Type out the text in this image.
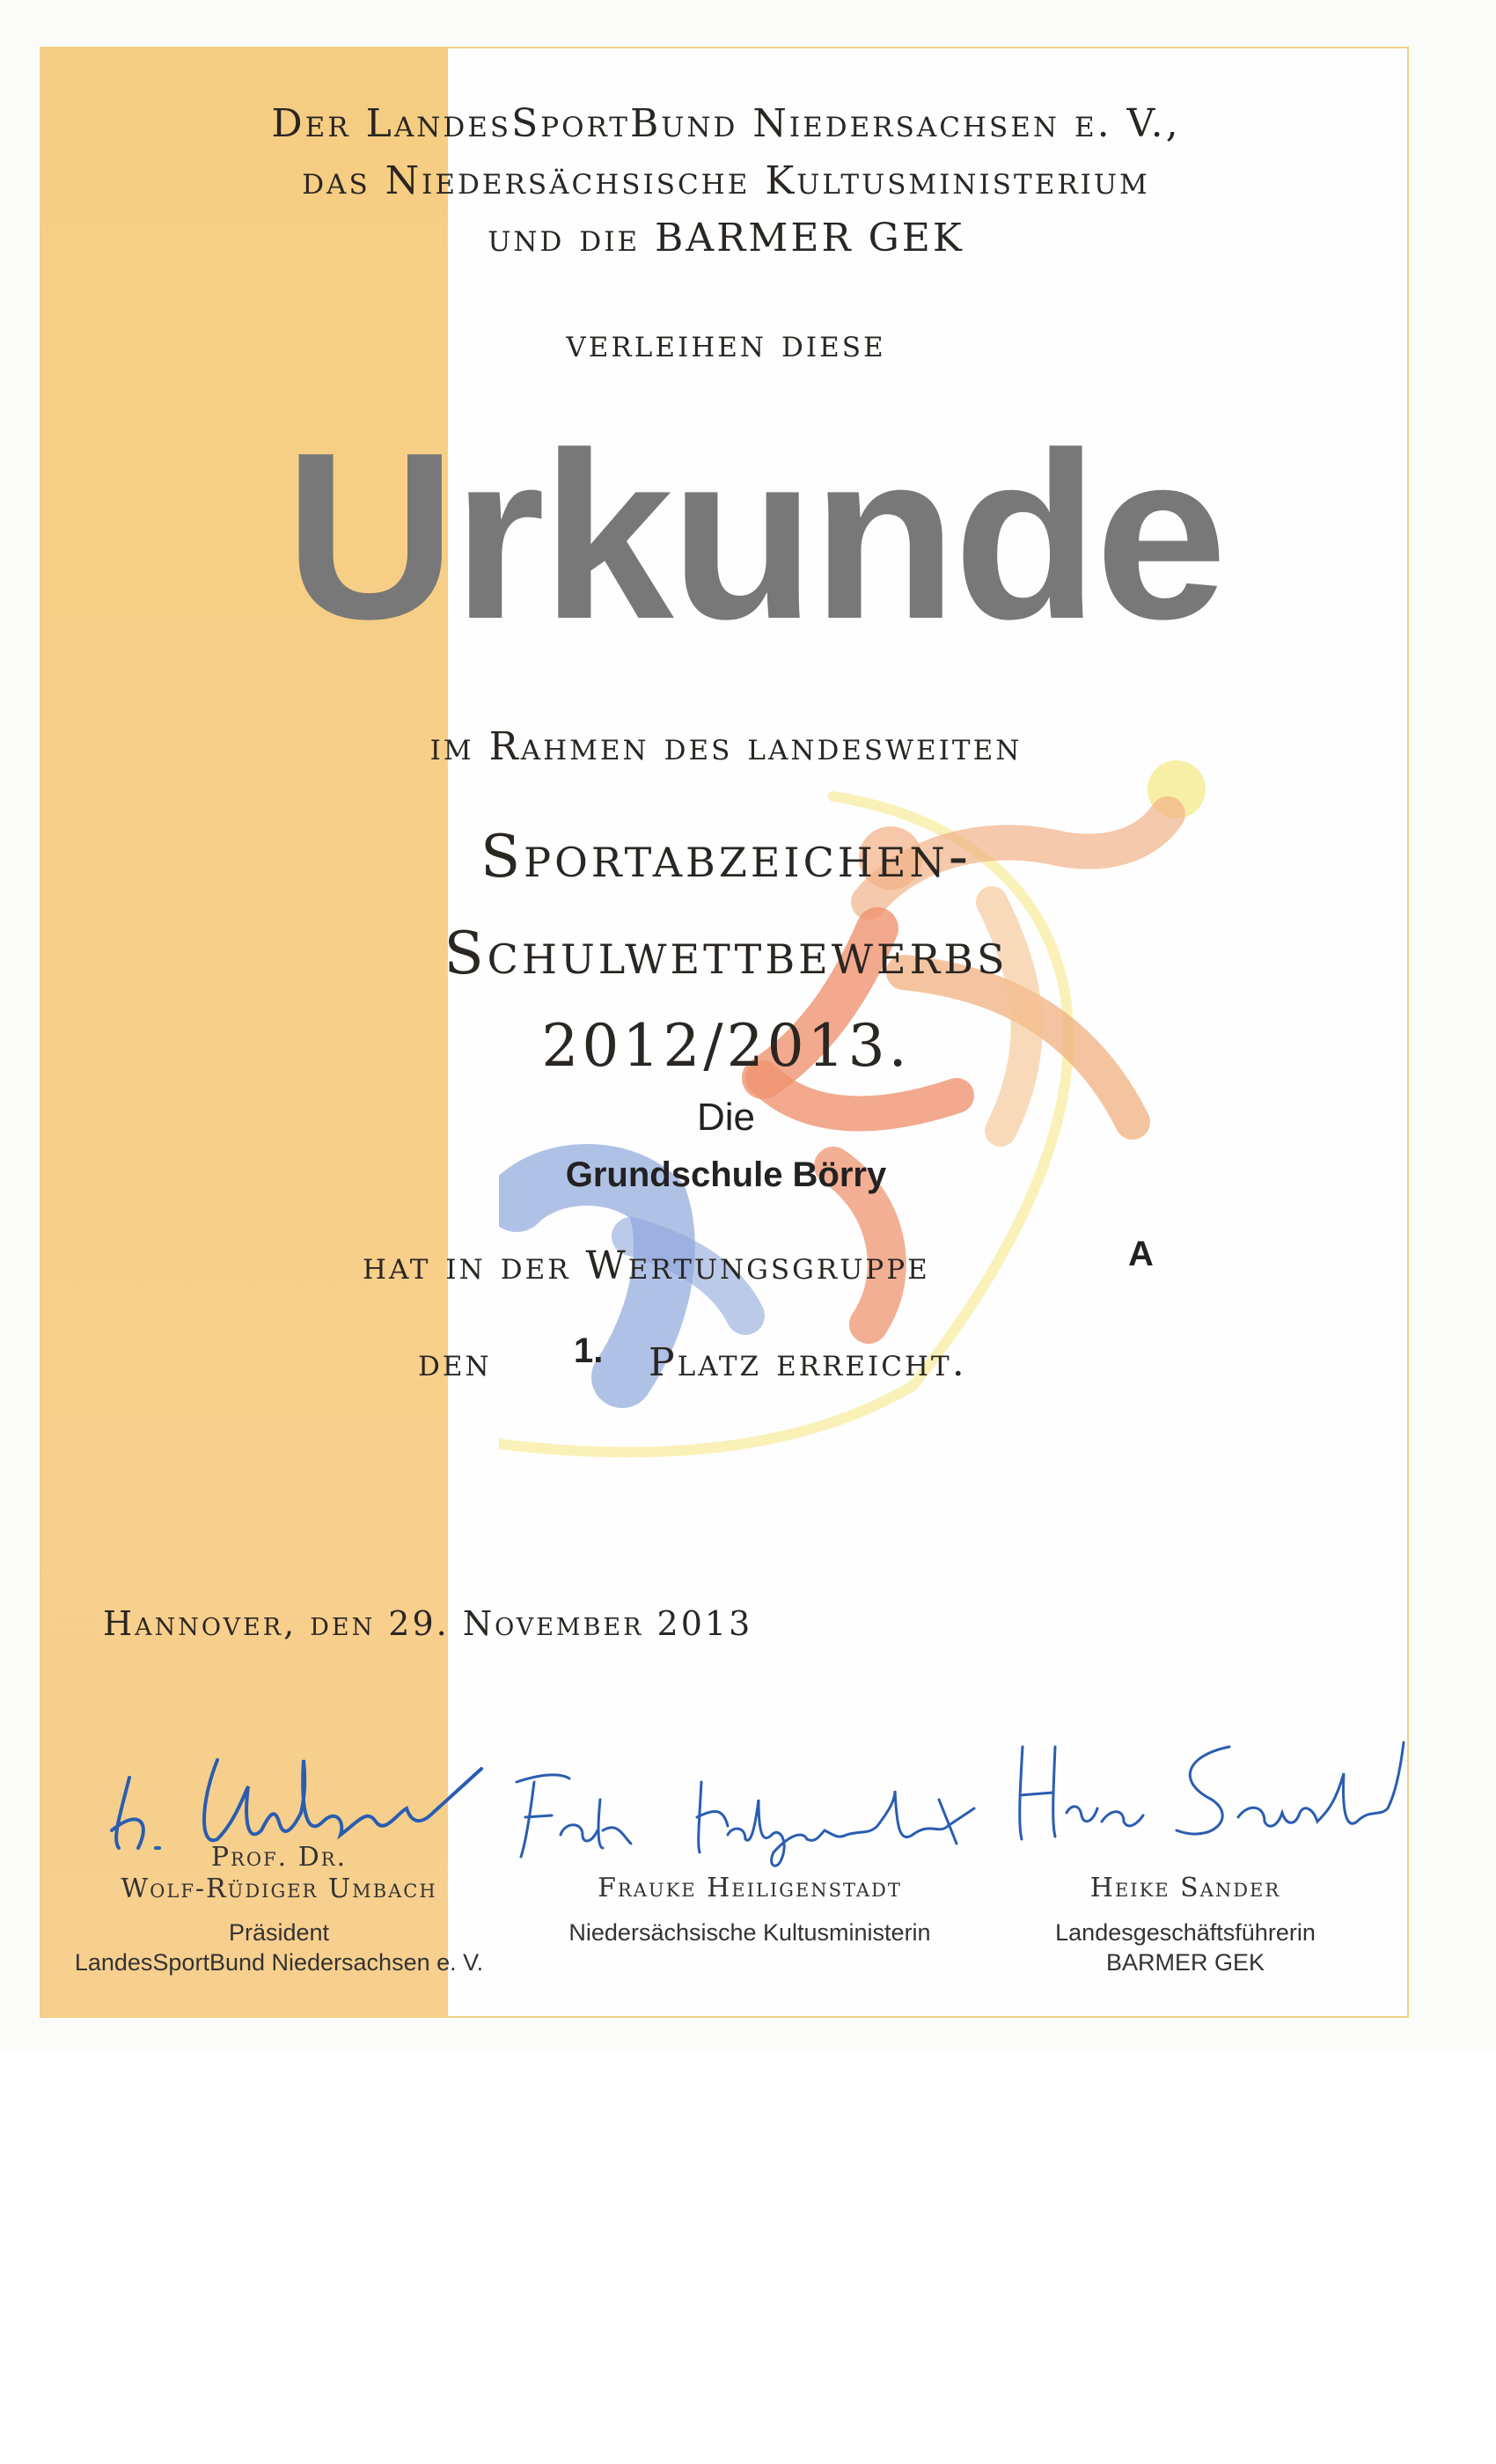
Der LandesSportBund Niedersachsen e. V.,
das Niedersächsische Kultusministerium
und die BARMER GEK
verleihen diese
Urkunde
im Rahmen des landesweiten
Sportabzeichen-
Schulwettbewerbs
2012/2013.
Die
Grundschule Börry
hat in der Wertungsgruppe	A
den 1. Platz erreicht.
Hannover, den 29. November 2013
Prof. Dr.
Wolf-Rüdiger Umbach
Präsident
LandesSportBund Niedersachsen e. V.
Frauke Heiligenstadt
Niedersächsische Kultusministerin
Heike Sander
Landesgeschäftsführerin
BARMER GEK
